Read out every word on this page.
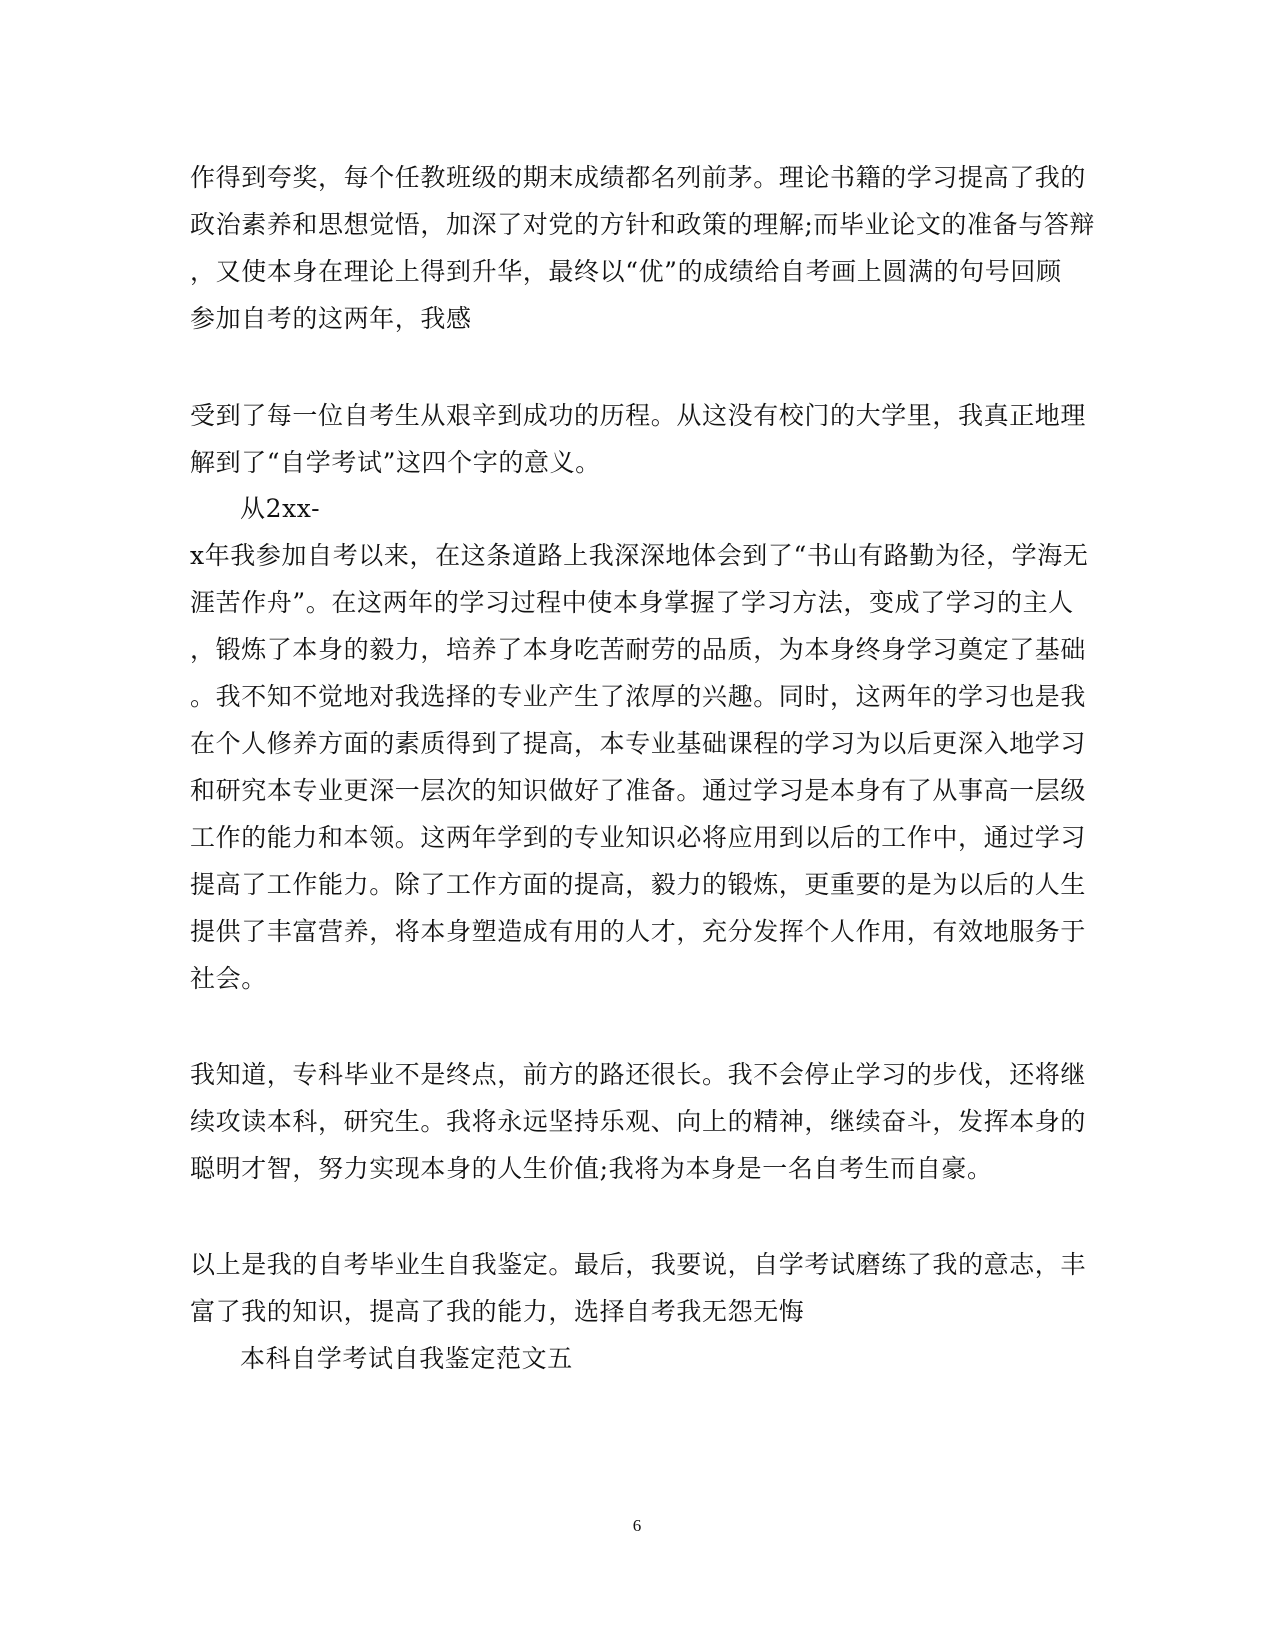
作得到夸奖，每个任教班级的期末成绩都名列前茅。理论书籍的学习提高了我的
政治素养和思想觉悟，加深了对党的方针和政策的理解;而毕业论文的准备与答辩
，又使本身在理论上得到升华，最终以“优”的成绩给自考画上圆满的句号回顾
参加自考的这两年，我感
受到了每一位自考生从艰辛到成功的历程。从这没有校门的大学里，我真正地理
解到了“自学考试”这四个字的意义。
从2xx-
x年我参加自考以来，在这条道路上我深深地体会到了“书山有路勤为径，学海无
涯苦作舟”。在这两年的学习过程中使本身掌握了学习方法，变成了学习的主人
，锻炼了本身的毅力，培养了本身吃苦耐劳的品质，为本身终身学习奠定了基础
。我不知不觉地对我选择的专业产生了浓厚的兴趣。同时，这两年的学习也是我
在个人修养方面的素质得到了提高，本专业基础课程的学习为以后更深入地学习
和研究本专业更深一层次的知识做好了准备。通过学习是本身有了从事高一层级
工作的能力和本领。这两年学到的专业知识必将应用到以后的工作中，通过学习
提高了工作能力。除了工作方面的提高，毅力的锻炼，更重要的是为以后的人生
提供了丰富营养，将本身塑造成有用的人才，充分发挥个人作用，有效地服务于
社会。
我知道，专科毕业不是终点，前方的路还很长。我不会停止学习的步伐，还将继
续攻读本科，研究生。我将永远坚持乐观、向上的精神，继续奋斗，发挥本身的
聪明才智，努力实现本身的人生价值;我将为本身是一名自考生而自豪。
以上是我的自考毕业生自我鉴定。最后，我要说，自学考试磨练了我的意志，丰
富了我的知识，提高了我的能力，选择自考我无怨无悔
本科自学考试自我鉴定范文五
6
